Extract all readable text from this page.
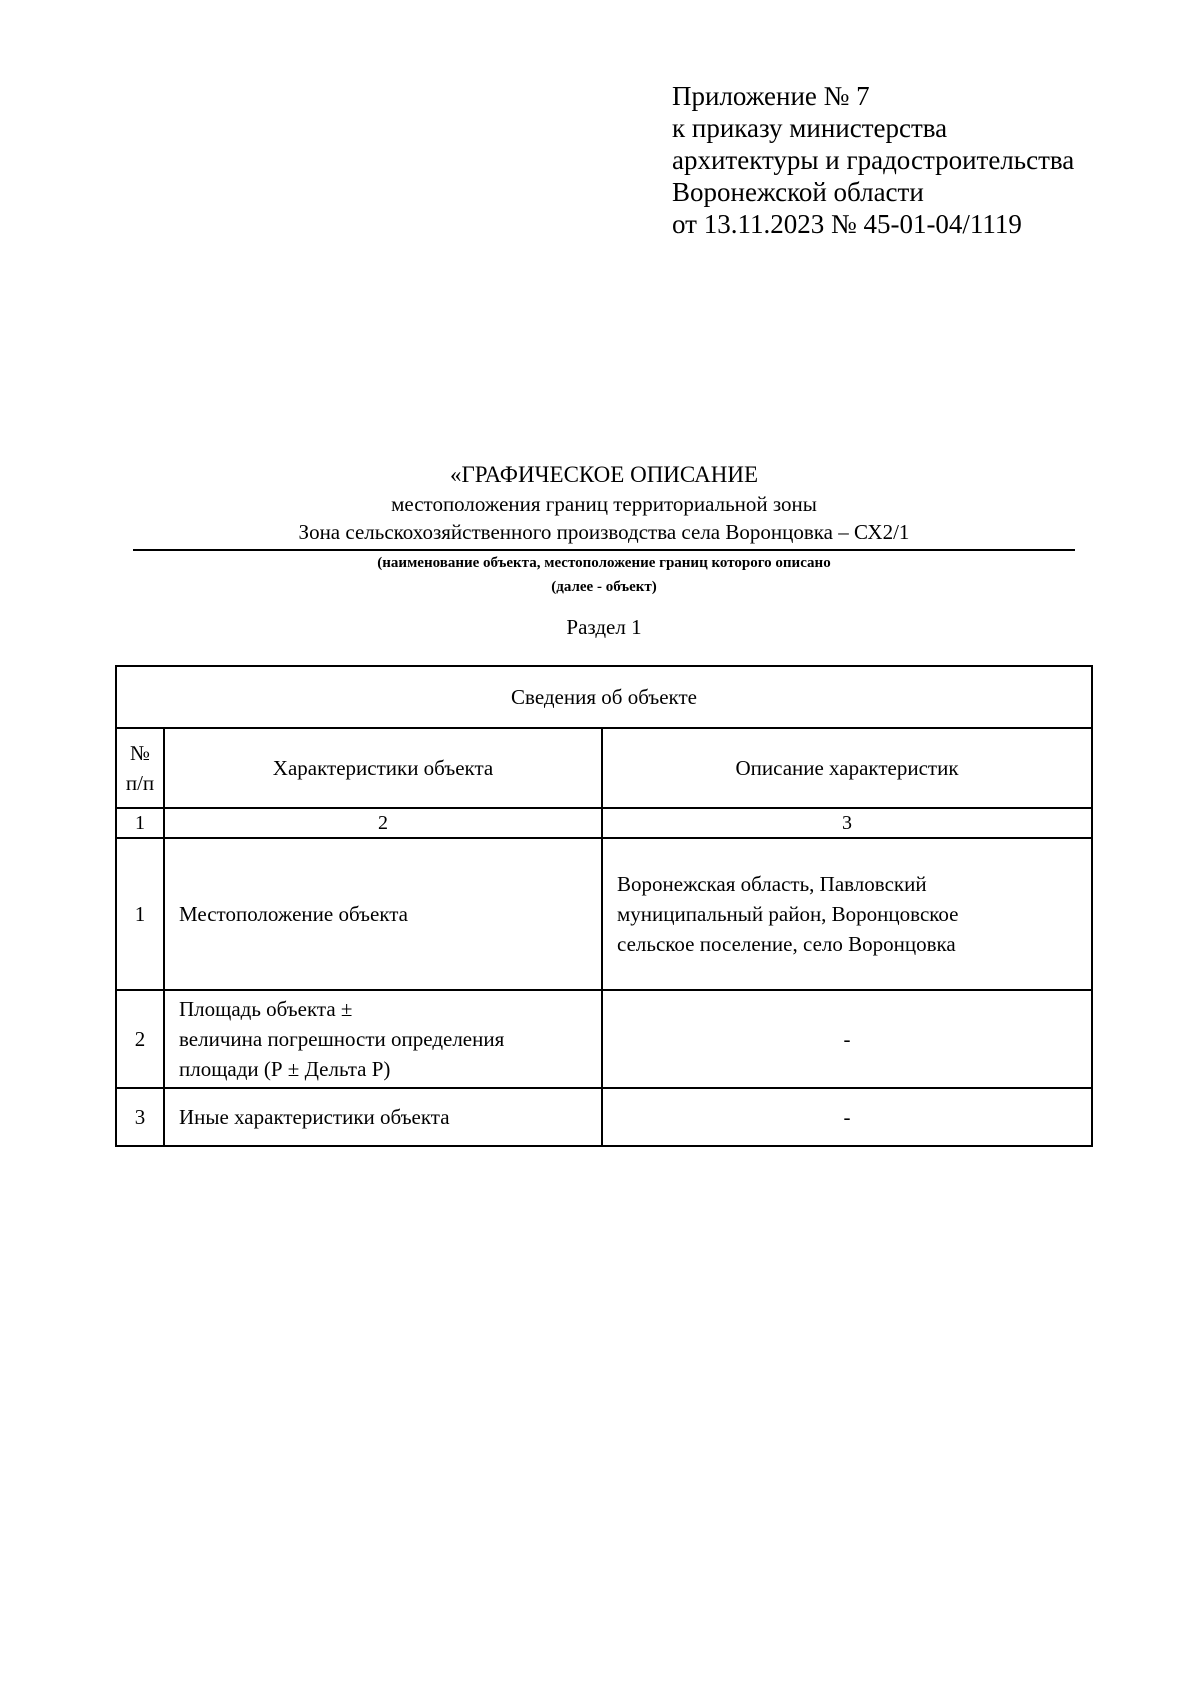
Приложение № 7
к приказу министерства
архитектуры и градостроительства
Воронежской области
от 13.11.2023 № 45-01-04/1119
«ГРАФИЧЕСКОЕ ОПИСАНИЕ
местоположения границ территориальной зоны
Зона сельскохозяйственного производства села Воронцовка – СХ2/1
(наименование объекта, местоположение границ которого описано
(далее - объект)
Раздел 1
Сведения об объекте		

№
п/п	Характеристики объекта	Описание характеристик
1	2	3
1	Местоположение объекта	Воронежская область, Павловский
муниципальный район, Воронцовское
сельское поселение, село Воронцовка

2	Площадь объекта ±
величина погрешности определения
площади (Р ± Дельта Р)	-
3	Иные характеристики объекта	-
